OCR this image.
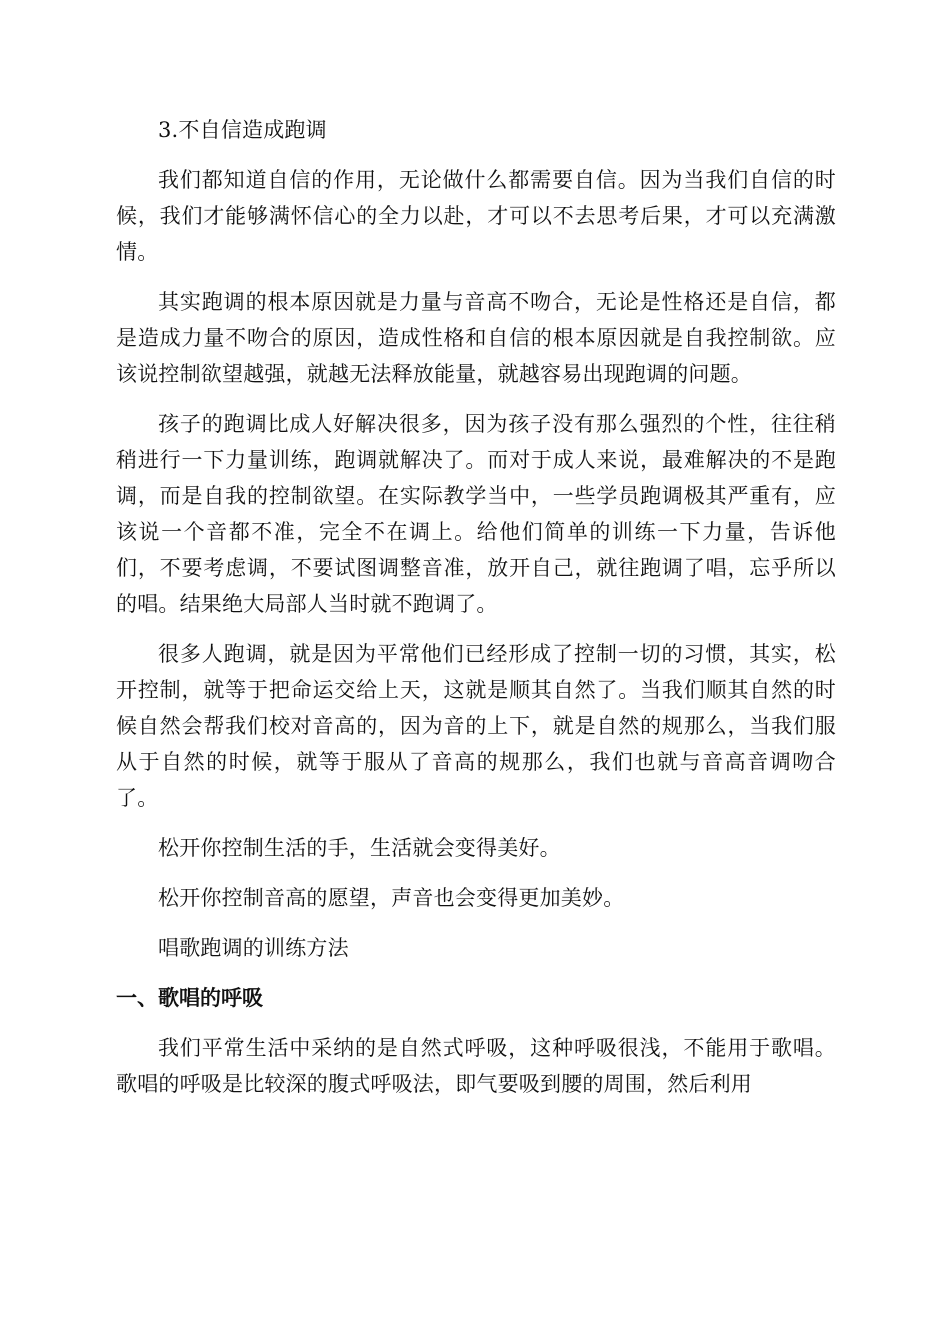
3.不自信造成跑调

我们都知道自信的作用，无论做什么都需要自信。因为当我们自信的时候，我们才能够满怀信心的全力以赴，才可以不去思考后果，才可以充满激情。

其实跑调的根本原因就是力量与音高不吻合，无论是性格还是自信，都是造成力量不吻合的原因，造成性格和自信的根本原因就是自我控制欲。应该说控制欲望越强，就越无法释放能量，就越容易出现跑调的问题。

孩子的跑调比成人好解决很多，因为孩子没有那么强烈的个性，往往稍稍进行一下力量训练，跑调就解决了。而对于成人来说，最难解决的不是跑调，而是自我的控制欲望。在实际教学当中，一些学员跑调极其严重有，应该说一个音都不准，完全不在调上。给他们简单的训练一下力量，告诉他们，不要考虑调，不要试图调整音准，放开自己，就往跑调了唱，忘乎所以的唱。结果绝大局部人当时就不跑调了。

很多人跑调，就是因为平常他们已经形成了控制一切的习惯，其实，松开控制，就等于把命运交给上天，这就是顺其自然了。当我们顺其自然的时候自然会帮我们校对音高的，因为音的上下，就是自然的规那么，当我们服从于自然的时候，就等于服从了音高的规那么，我们也就与音高音调吻合了。

松开你控制生活的手，生活就会变得美好。

松开你控制音高的愿望，声音也会变得更加美妙。

唱歌跑调的训练方法

一、歌唱的呼吸

我们平常生活中采纳的是自然式呼吸，这种呼吸很浅，不能用于歌唱。歌唱的呼吸是比较深的腹式呼吸法，即气要吸到腰的周围，然后利用
